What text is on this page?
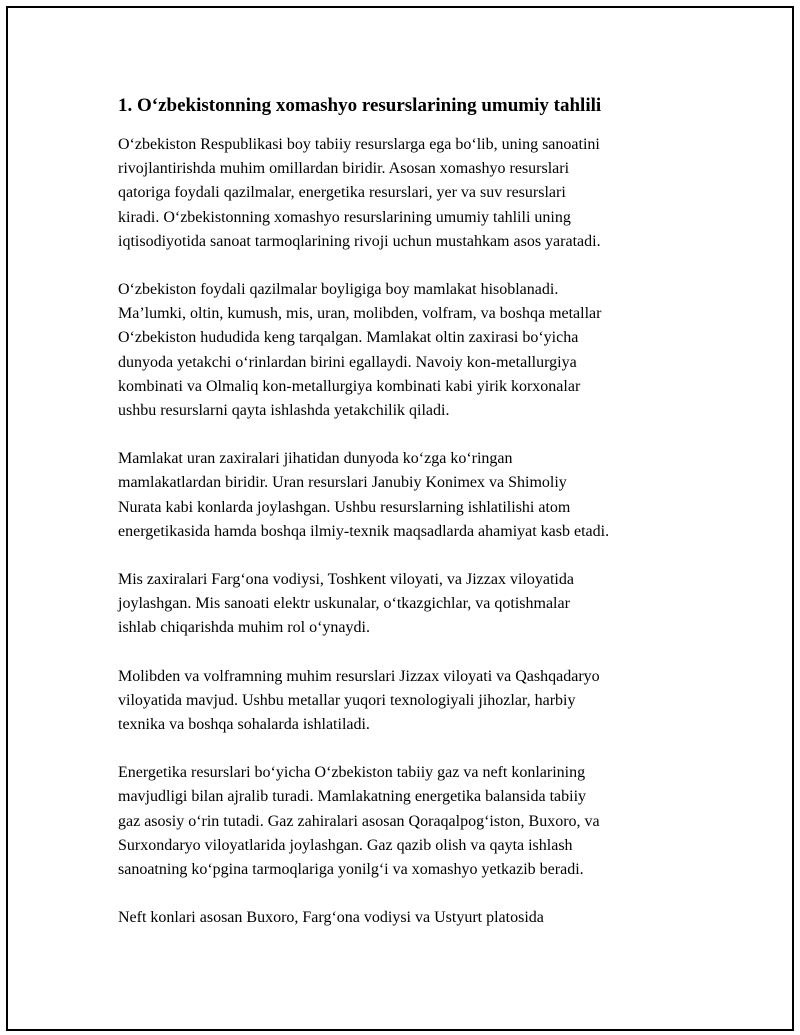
1. O‘zbekistonning xomashyo resurslarining umumiy tahlili

O‘zbekiston Respublikasi boy tabiiy resurslarga ega bo‘lib, uning sanoatini
rivojlantirishda muhim omillardan biridir. Asosan xomashyo resurslari
qatoriga foydali qazilmalar, energetika resurslari, yer va suv resurslari
kiradi. O‘zbekistonning xomashyo resurslarining umumiy tahlili uning
iqtisodiyotida sanoat tarmoqlarining rivoji uchun mustahkam asos yaratadi.

O‘zbekiston foydali qazilmalar boyligiga boy mamlakat hisoblanadi.
Ma’lumki, oltin, kumush, mis, uran, molibden, volfram, va boshqa metallar
O‘zbekiston hududida keng tarqalgan. Mamlakat oltin zaxirasi bo‘yicha
dunyoda yetakchi o‘rinlardan birini egallaydi. Navoiy kon-metallurgiya
kombinati va Olmaliq kon-metallurgiya kombinati kabi yirik korxonalar
ushbu resurslarni qayta ishlashda yetakchilik qiladi.

Mamlakat uran zaxiralari jihatidan dunyoda ko‘zga ko‘ringan
mamlakatlardan biridir. Uran resurslari Janubiy Konimex va Shimoliy
Nurata kabi konlarda joylashgan. Ushbu resurslarning ishlatilishi atom
energetikasida hamda boshqa ilmiy-texnik maqsadlarda ahamiyat kasb etadi.

Mis zaxiralari Farg‘ona vodiysi, Toshkent viloyati, va Jizzax viloyatida
joylashgan. Mis sanoati elektr uskunalar, o‘tkazgichlar, va qotishmalar
ishlab chiqarishda muhim rol o‘ynaydi.

Molibden va volframning muhim resurslari Jizzax viloyati va Qashqadaryo
viloyatida mavjud. Ushbu metallar yuqori texnologiyali jihozlar, harbiy
texnika va boshqa sohalarda ishlatiladi.

Energetika resurslari bo‘yicha O‘zbekiston tabiiy gaz va neft konlarining
mavjudligi bilan ajralib turadi. Mamlakatning energetika balansida tabiiy
gaz asosiy o‘rin tutadi. Gaz zahiralari asosan Qoraqalpog‘iston, Buxoro, va
Surxondaryo viloyatlarida joylashgan. Gaz qazib olish va qayta ishlash
sanoatning ko‘pgina tarmoqlariga yonilg‘i va xomashyo yetkazib beradi.

Neft konlari asosan Buxoro, Farg‘ona vodiysi va Ustyurt platosida
